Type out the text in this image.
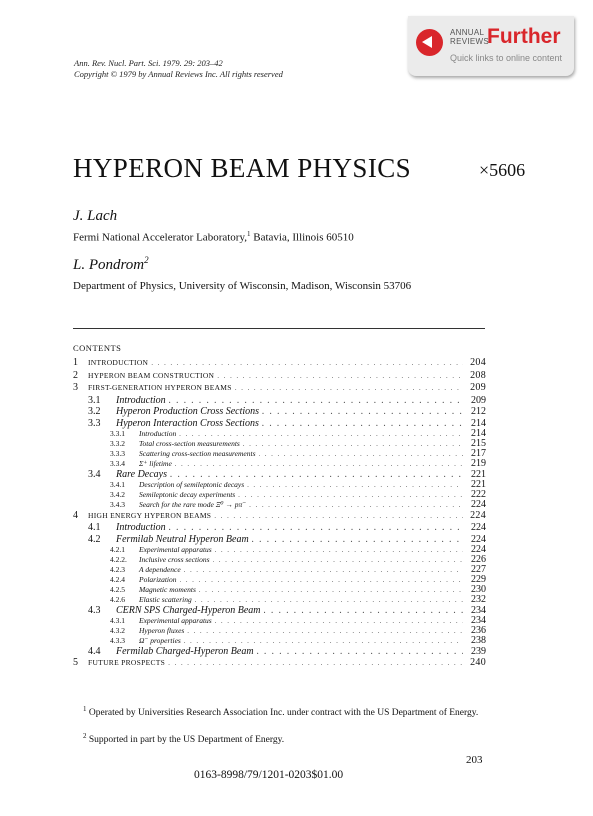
Ann. Rev. Nucl. Part. Sci. 1979. 29: 203–42
Copyright © 1979 by Annual Reviews Inc. All rights reserved
ANNUAL
REVIEWS
Further
Quick links to online content
HYPERON BEAM PHYSICS	×5606
J. Lach
Fermi National Accelerator Laboratory,$^1$ Batavia, Illinois 60510
L. Pondrom$^2$
Department of Physics, University of Wisconsin, Madison, Wisconsin 53706
CONTENTS
1	INTRODUCTION . . .	204
2	HYPERON BEAM CONSTRUCTION . . .	208
3	FIRST-GENERATION HYPERON BEAMS . . .	209
3.1	Introduction . . .	209
3.2	Hyperon Production Cross Sections . . .	212
3.3	Hyperon Interaction Cross Sections . . .	214
3.3.1	Introduction . . .	214
3.3.2	Total cross-section measurements . . .	215
3.3.3	Scattering cross-section measurements . . .	217
3.3.4	Σ⁺ lifetime . . .	219
3.4	Rare Decays . . .	221
3.4.1	Description of semileptonic decays . . .	221
3.4.2	Semileptonic decay experiments . . .	222
3.4.3	Search for the rare mode Ξ⁰ → pπ⁻ . . .	224
4	HIGH ENERGY HYPERON BEAMS . . .	224
4.1	Introduction . . .	224
4.2	Fermilab Neutral Hyperon Beam . . .	224
4.2.1	Experimental apparatus . . .	224
4.2.2.	Inclusive cross sections . . .	226
4.2.3	A dependence . . .	227
4.2.4	Polarization . . .	229
4.2.5	Magnetic moments . . .	230
4.2.6	Elastic scattering . . .	232
4.3	CERN SPS Charged-Hyperon Beam . . .	234
4.3.1	Experimental apparatus . . .	234
4.3.2	Hyperon fluxes . . .	236
4.3.3	Ω⁻ properties . . .	238
4.4	Fermilab Charged-Hyperon Beam . . .	239
5	FUTURE PROSPECTS . . .	240
$^1$ Operated by Universities Research Association Inc. under contract with the US Department of Energy.
$^2$ Supported in part by the US Department of Energy.
203
0163-8998/79/1201-0203$01.00
